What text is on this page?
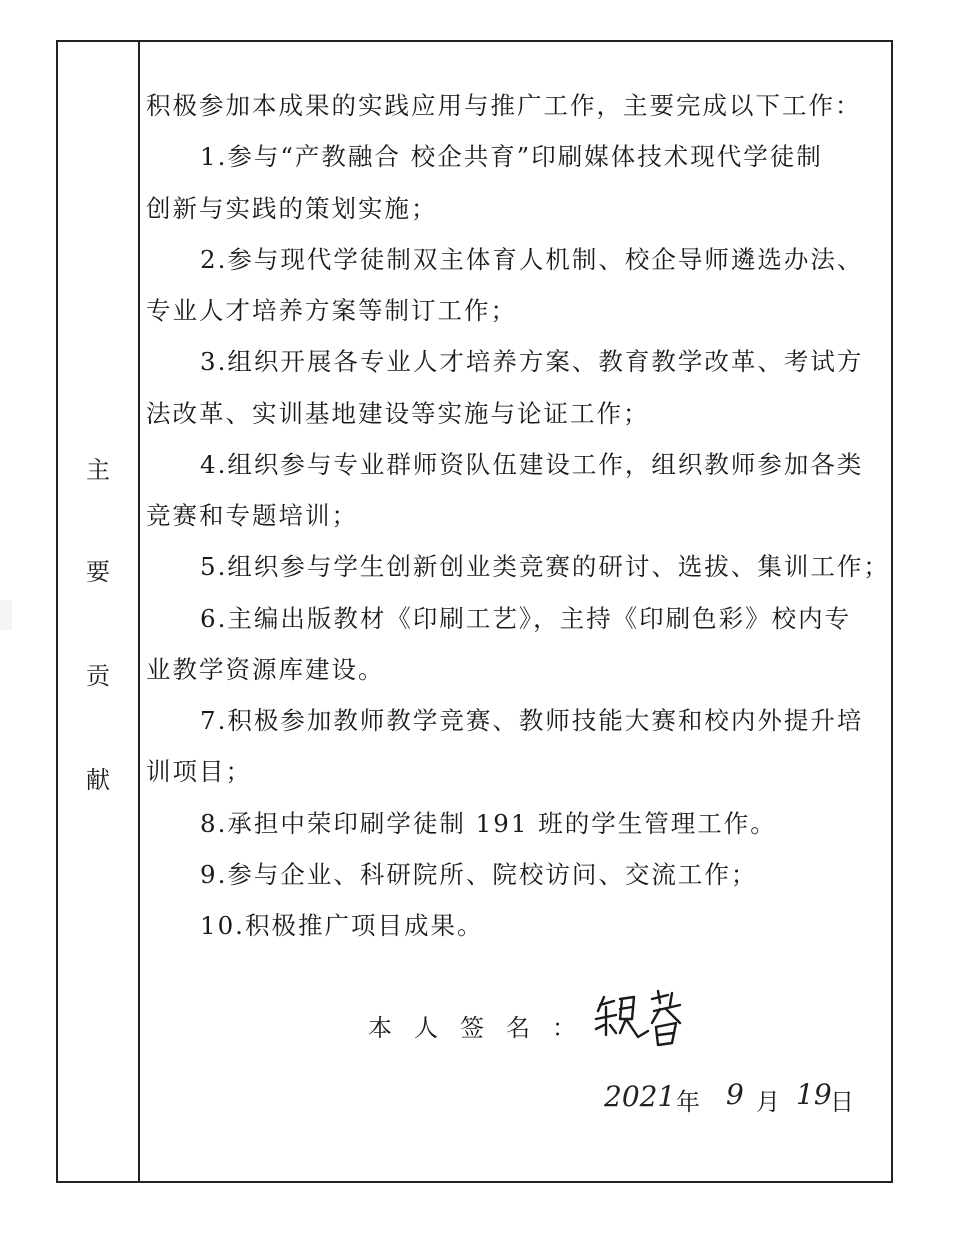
主
要
贡
献
积极参加本成果的实践应用与推广工作，主要完成以下工作：
1.参与“产教融合 校企共育”印刷媒体技术现代学徒制
创新与实践的策划实施；
2.参与现代学徒制双主体育人机制、校企导师遴选办法、
专业人才培养方案等制订工作；
3.组织开展各专业人才培养方案、教育教学改革、考试方
法改革、实训基地建设等实施与论证工作；
4.组织参与专业群师资队伍建设工作，组织教师参加各类
竞赛和专题培训；
5.组织参与学生创新创业类竞赛的研讨、选拔、集训工作；
6.主编出版教材《印刷工艺》，主持《印刷色彩》校内专
业教学资源库建设。
7.积极参加教师教学竞赛、教师技能大赛和校内外提升培
训项目；
8.承担中荣印刷学徒制 191 班的学生管理工作。
9.参与企业、科研院所、院校访问、交流工作；
10.积极推广项目成果。
本人签名：
2021 年 9 月 19
日
